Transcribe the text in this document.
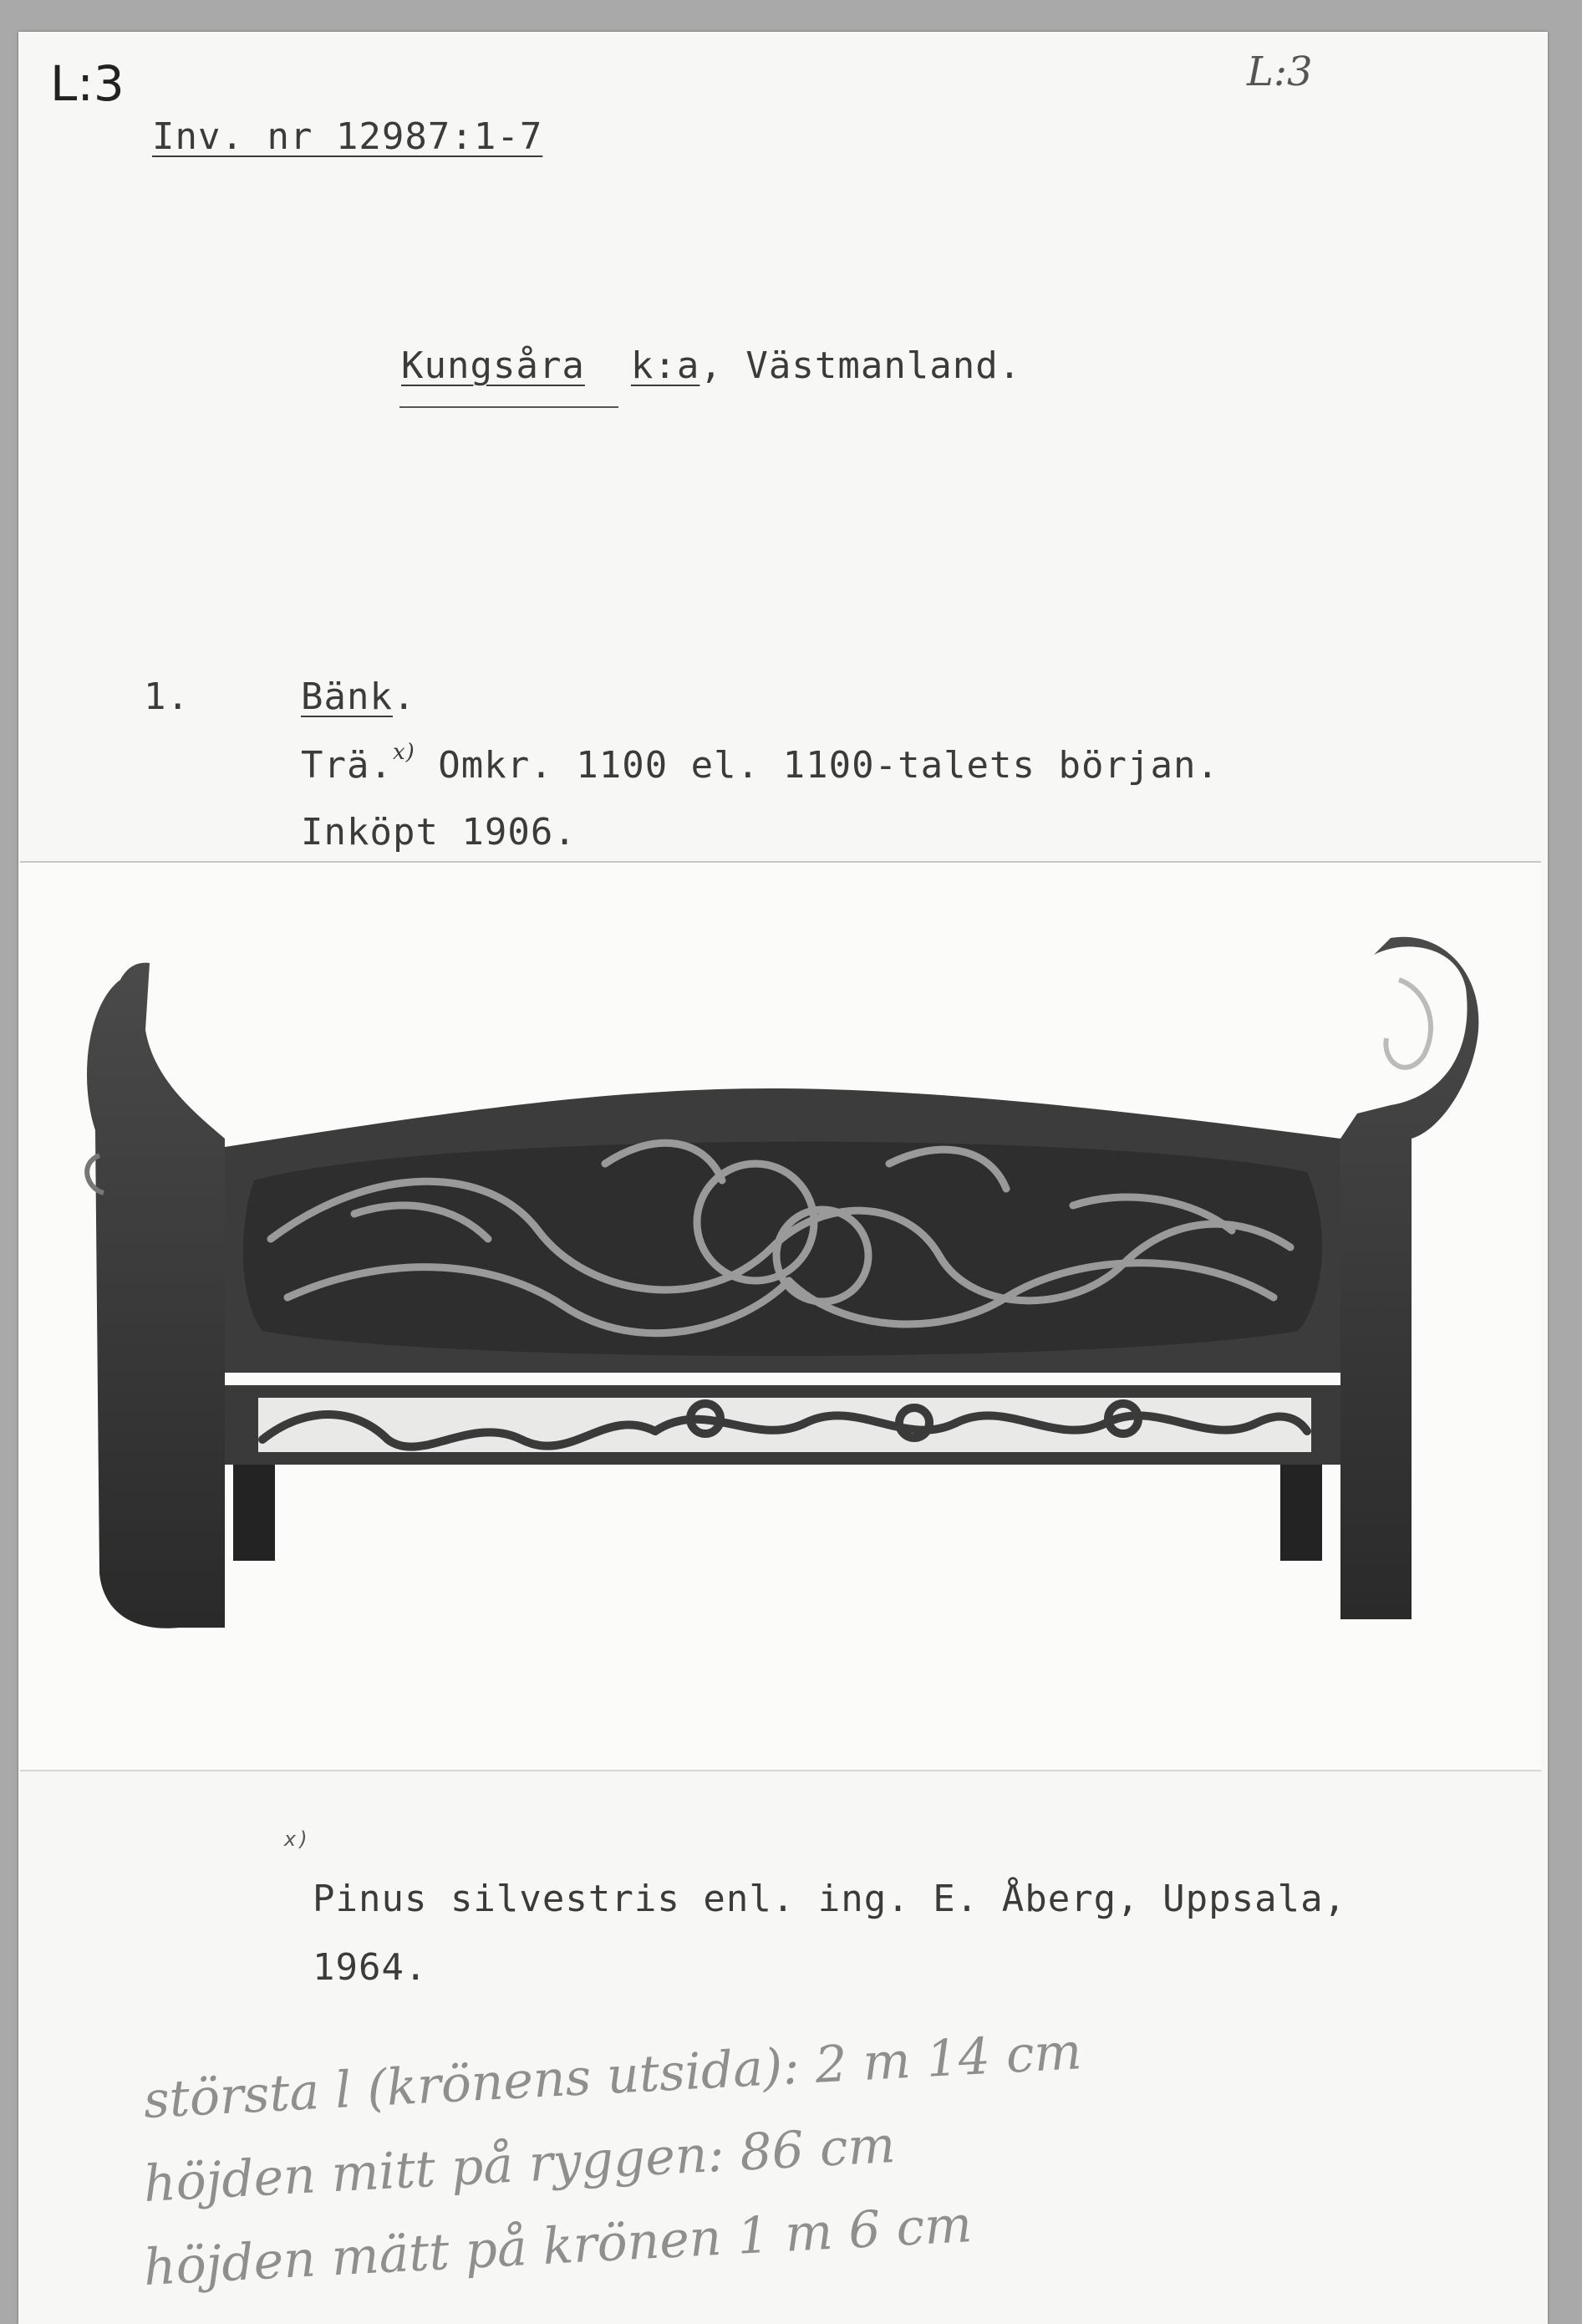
L:3	L:3
Inv. nr 12987:1-7
Kungsåra k:a, Västmanland.
1.	Bänk.
Trä.$^{x)}$ Omkr. 1100 el. 1100-talets början.
Inköpt 1906.
x)
Pinus silvestris enl. ing. E. Åberg, Uppsala,
1964.
största l (krönens utsida): 2 m 14 cm
höjden mitt på ryggen: 86 cm
höjden mätt på krönen 1 m 6 cm
